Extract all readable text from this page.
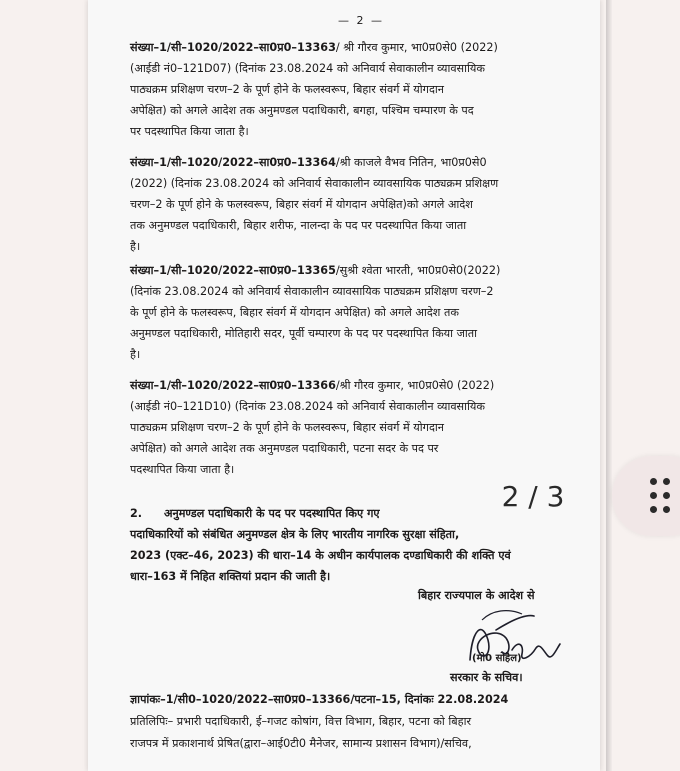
— 2 —
संख्या–1/सी–1020/2022–सा0प्र0–13363/ श्री गौरव कुमार, भा0प्र0से0 (2022)
(आईडी नं0–121D07) (दिनांक 23.08.2024 को अनिवार्य सेवाकालीन व्यावसायिक
पाठ्यक्रम प्रशिक्षण चरण–2 के पूर्ण होने के फलस्वरूप, बिहार संवर्ग में योगदान
अपेक्षित) को अगले आदेश तक अनुमण्डल पदाधिकारी, बगहा, पश्चिम चम्पारण के पद
पर पदस्थापित किया जाता है।
संख्या–1/सी–1020/2022–सा0प्र0–13364/श्री काजले वैभव नितिन, भा0प्र0से0
(2022) (दिनांक 23.08.2024 को अनिवार्य सेवाकालीन व्यावसायिक पाठ्यक्रम प्रशिक्षण
चरण–2 के पूर्ण होने के फलस्वरूप, बिहार संवर्ग में योगदान अपेक्षित)को अगले आदेश
तक अनुमण्डल पदाधिकारी, बिहार शरीफ, नालन्दा के पद पर पदस्थापित किया जाता
है।
संख्या–1/सी–1020/2022–सा0प्र0–13365/सुश्री श्वेता भारती, भा0प्र0से0(2022)
(दिनांक 23.08.2024 को अनिवार्य सेवाकालीन व्यावसायिक पाठ्यक्रम प्रशिक्षण चरण–2
के पूर्ण होने के फलस्वरूप, बिहार संवर्ग में योगदान अपेक्षित) को अगले आदेश तक
अनुमण्डल पदाधिकारी, मोतिहारी सदर, पूर्वी चम्पारण के पद पर पदस्थापित किया जाता
है।
संख्या–1/सी–1020/2022–सा0प्र0–13366/श्री गौरव कुमार, भा0प्र0से0 (2022)
(आईडी नं0–121D10) (दिनांक 23.08.2024 को अनिवार्य सेवाकालीन व्यावसायिक
पाठ्यक्रम प्रशिक्षण चरण–2 के पूर्ण होने के फलस्वरूप, बिहार संवर्ग में योगदान
अपेक्षित) को अगले आदेश तक अनुमण्डल पदाधिकारी, पटना सदर के पद पर
पदस्थापित किया जाता है।
2. अनुमण्डल पदाधिकारी के पद पर पदस्थापित किए गए
पदाधिकारियों को संबंधित अनुमण्डल क्षेत्र के लिए भारतीय नागरिक सुरक्षा संहिता,
2023 (एक्ट–46, 2023) की धारा–14 के अधीन कार्यपालक दण्डाधिकारी की शक्ति एवं
धारा–163 में निहित शक्तियां प्रदान की जाती है।
बिहार राज्यपाल के आदेश से
(मो0 सोहैल)
सरकार के सचिव।
ज्ञापांकः–1/सी0–1020/2022–सा0प्र0–13366/पटना–15, दिनांकः 22.08.2024
प्रतिलिपिः– प्रभारी पदाधिकारी, ई–गजट कोषांग, वित्त विभाग, बिहार, पटना को बिहार
राजपत्र में प्रकाशनार्थ प्रेषित(द्वारा–आई0टी0 मैनेजर, सामान्य प्रशासन विभाग)/सचिव,
2 / 3
